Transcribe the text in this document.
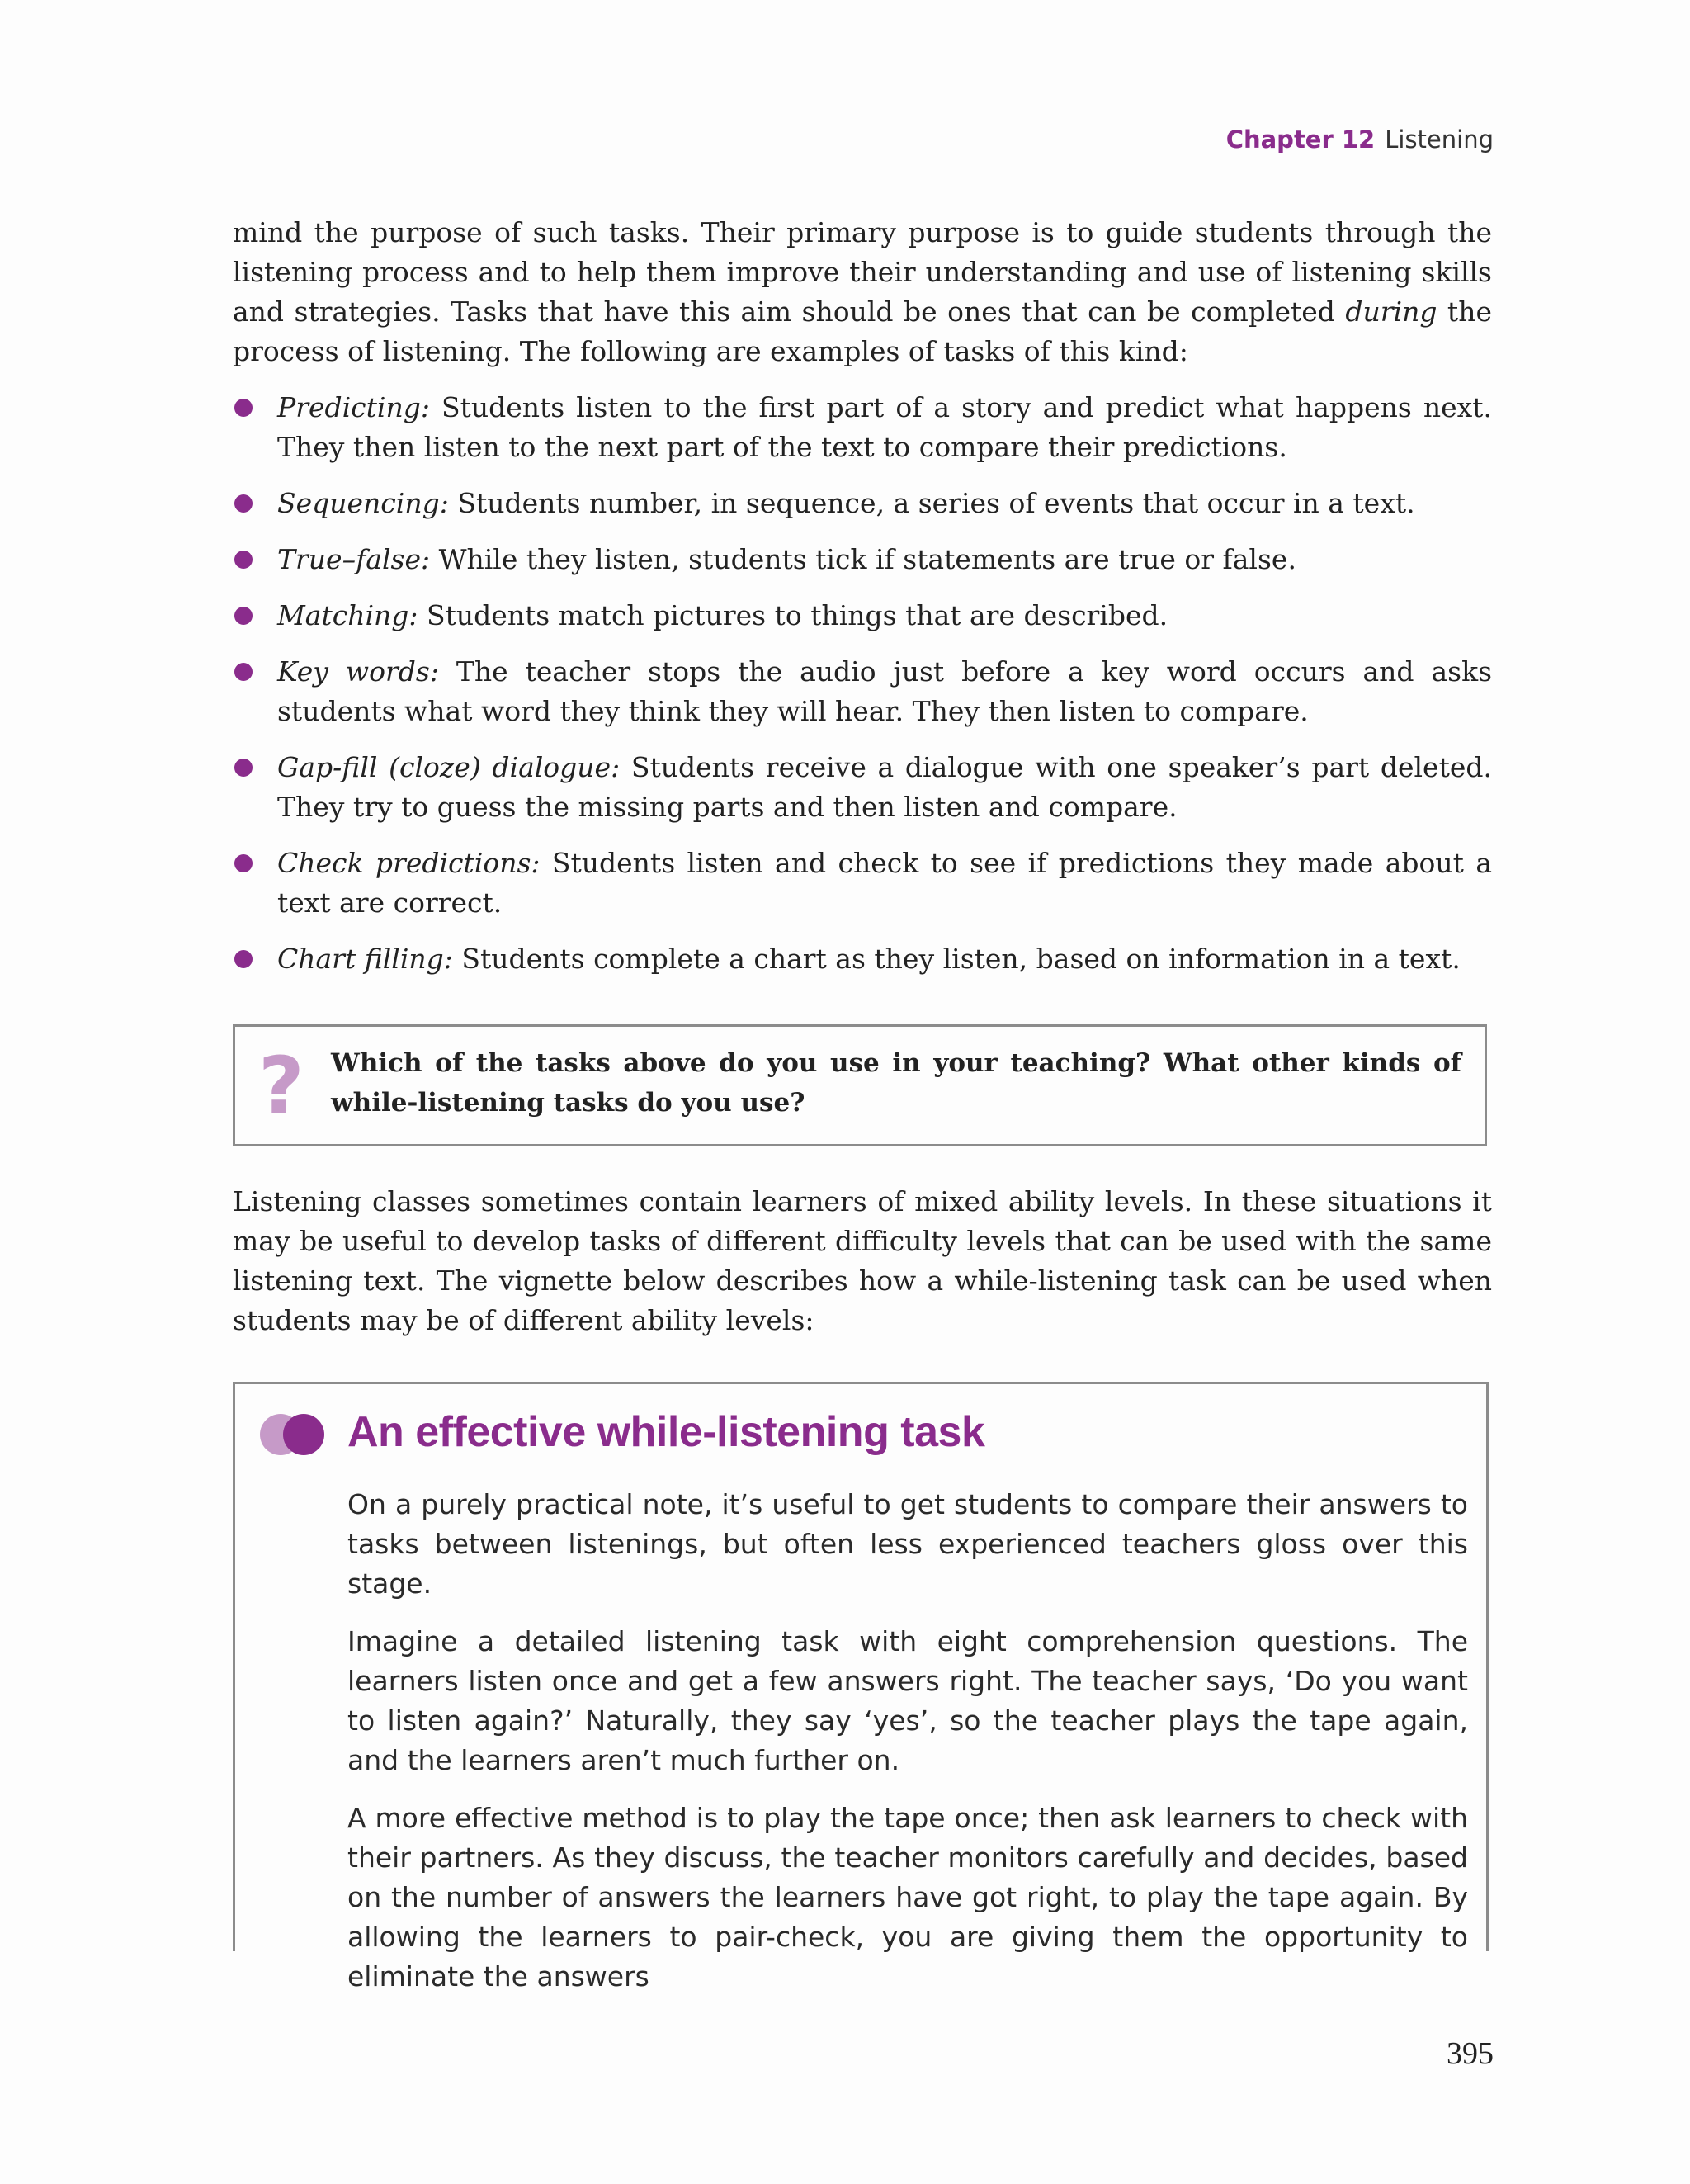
Chapter 12 Listening

mind the purpose of such tasks. Their primary purpose is to guide students through the listening process and to help them improve their understanding and use of listening skills and strategies. Tasks that have this aim should be ones that can be completed during the process of listening. The following are examples of tasks of this kind:

Predicting: Students listen to the first part of a story and predict what happens next. They then listen to the next part of the text to compare their predictions.
Sequencing: Students number, in sequence, a series of events that occur in a text.
True–false: While they listen, students tick if statements are true or false.
Matching: Students match pictures to things that are described.
Key words: The teacher stops the audio just before a key word occurs and asks students what word they think they will hear. They then listen to compare.
Gap-fill (cloze) dialogue: Students receive a dialogue with one speaker’s part deleted. They try to guess the missing parts and then listen and compare.
Check predictions: Students listen and check to see if predictions they made about a text are correct.
Chart filling: Students complete a chart as they listen, based on information in a text.
? Which of the tasks above do you use in your teaching? What other kinds of while-listening tasks do you use?

Listening classes sometimes contain learners of mixed ability levels. In these situations it may be useful to develop tasks of different difficulty levels that can be used with the same listening text. The vignette below describes how a while-listening task can be used when students may be of different ability levels:

An effective while-listening task

On a purely practical note, it’s useful to get students to compare their answers to tasks between listenings, but often less experienced teachers gloss over this stage.

Imagine a detailed listening task with eight comprehension questions. The learners listen once and get a few answers right. The teacher says, ‘Do you want to listen again?’ Naturally, they say ‘yes’, so the teacher plays the tape again, and the learners aren’t much further on.

A more effective method is to play the tape once; then ask learners to check with their partners. As they discuss, the teacher monitors carefully and decides, based on the number of answers the learners have got right, to play the tape again. By allowing the learners to pair-check, you are giving them the opportunity to eliminate the answers

395
